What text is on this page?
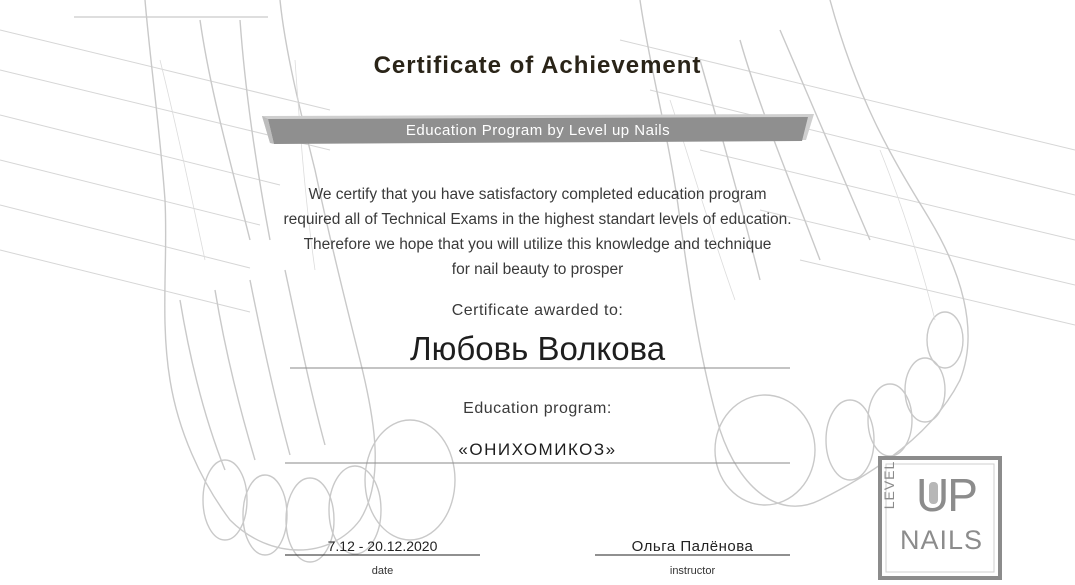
Certificate of Achievement
Education Program by Level up Nails
We certify that you have satisfactory completed education program
required all of Technical Exams in the highest standart levels of education.
Therefore we hope that you will utilize this knowledge and technique
for nail beauty to prosper
Certificate awarded to:
Любовь Волкова
Education program:
«ОНИХОМИКОЗ»
7.12 - 20.12.2020
date
Ольга Палёнова
instructor
LEVEL UP
NAILS
